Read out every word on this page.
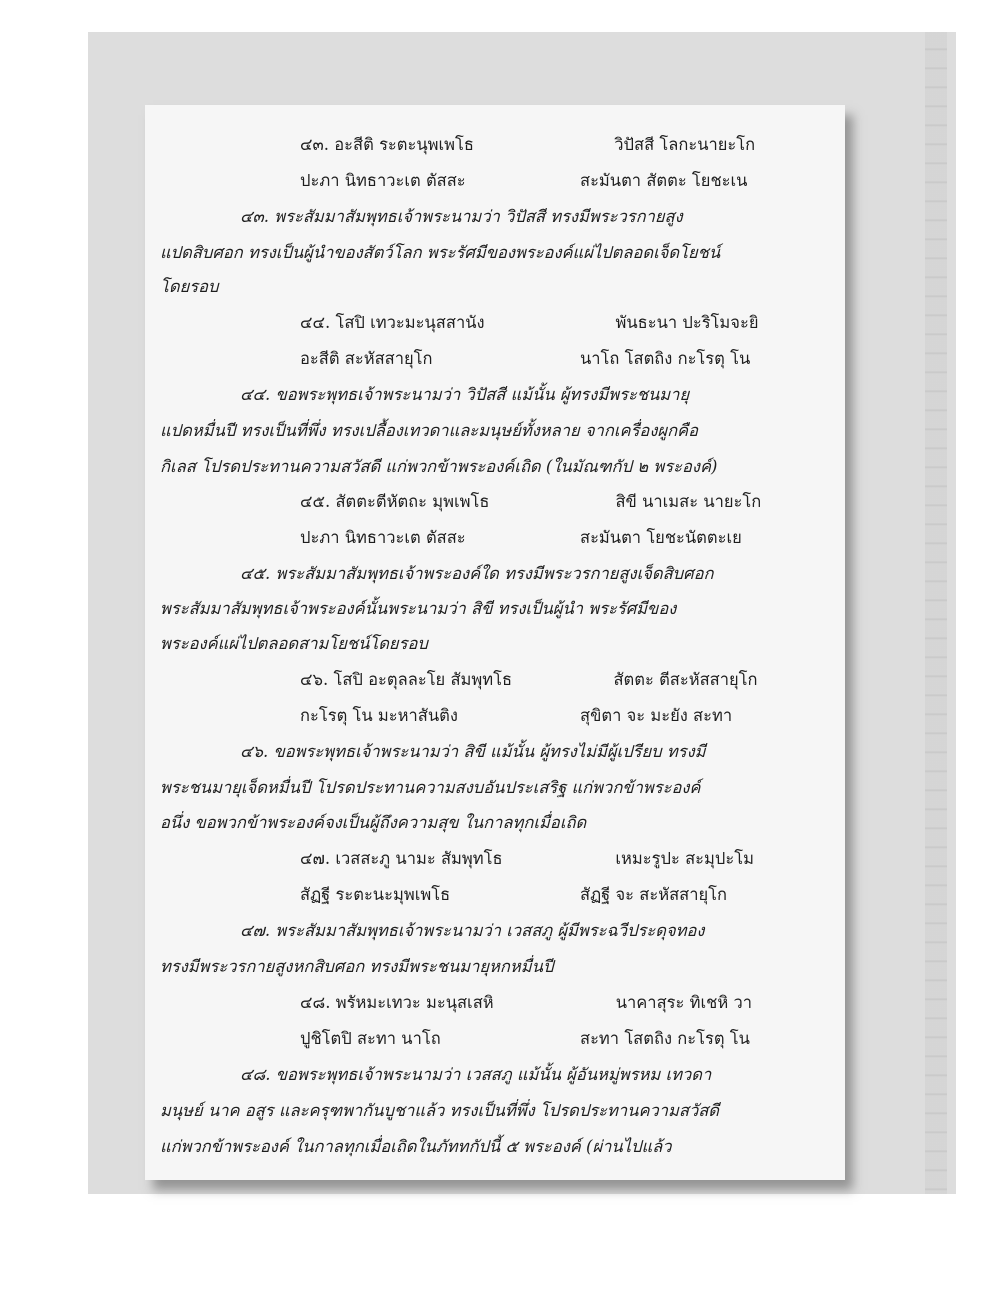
๔๓. อะสีติ ระตะนุพเพโธ	วิปัสสี โลกะนายะโก

ปะภา นิทธาวะเต ตัสสะ	สะมันตา สัตตะ โยชะเน

๔๓. พระสัมมาสัมพุทธเจ้าพระนามว่า วิปัสสี ทรงมีพระวรกายสูง

แปดสิบศอก ทรงเป็นผู้นำของสัตว์โลก พระรัศมีของพระองค์แผ่ไปตลอดเจ็ดโยชน์

โดยรอบ

๔๔. โสปิ เทวะมะนุสสานัง	พันธะนา ปะริโมจะยิ

อะสีติ สะหัสสายุโก	นาโถ โสตถิง กะโรตุ โน

๔๔. ขอพระพุทธเจ้าพระนามว่า วิปัสสี แม้นั้น ผู้ทรงมีพระชนมายุ

แปดหมื่นปี ทรงเป็นที่พึ่ง ทรงเปลื้องเทวดาและมนุษย์ทั้งหลาย จากเครื่องผูกคือ

กิเลส โปรดประทานความสวัสดี แก่พวกข้าพระองค์เถิด (ในมัณฑกัป ๒ พระองค์)

๔๕. สัตตะตีหัตถะ มุพเพโธ	สิขี นาเมสะ นายะโก

ปะภา นิทธาวะเต ตัสสะ	สะมันตา โยชะนัตตะเย

๔๕. พระสัมมาสัมพุทธเจ้าพระองค์ใด ทรงมีพระวรกายสูงเจ็ดสิบศอก

พระสัมมาสัมพุทธเจ้าพระองค์นั้นพระนามว่า สิขี ทรงเป็นผู้นำ พระรัศมีของ

พระองค์แผ่ไปตลอดสามโยชน์โดยรอบ

๔๖. โสปิ อะตุลละโย สัมพุทโธ	สัตตะ ตีสะหัสสายุโก

กะโรตุ โน มะหาสันติง	สุขิตา จะ มะยัง สะทา

๔๖. ขอพระพุทธเจ้าพระนามว่า สิขี แม้นั้น ผู้ทรงไม่มีผู้เปรียบ ทรงมี

พระชนมายุเจ็ดหมื่นปี โปรดประทานความสงบอันประเสริฐ แก่พวกข้าพระองค์

อนึ่ง ขอพวกข้าพระองค์จงเป็นผู้ถึงความสุข ในกาลทุกเมื่อเถิด

๔๗. เวสสะภู นามะ สัมพุทโธ	เหมะรูปะ สะมุปะโม

สัฏฐี ระตะนะมุพเพโธ	สัฏฐี จะ สะหัสสายุโก

๔๗. พระสัมมาสัมพุทธเจ้าพระนามว่า เวสสภู ผู้มีพระฉวีประดุจทอง

ทรงมีพระวรกายสูงหกสิบศอก ทรงมีพระชนมายุหกหมื่นปี

๔๘. พรัหมะเทวะ มะนุสเสหิ	นาคาสุระ ทิเชหิ วา

ปูชิโตปิ สะทา นาโถ	สะทา โสตถิง กะโรตุ โน

๔๘. ขอพระพุทธเจ้าพระนามว่า เวสสภู แม้นั้น ผู้อันหมู่พรหม เทวดา

มนุษย์ นาค อสูร และครุฑพากันบูชาแล้ว ทรงเป็นที่พึ่ง โปรดประทานความสวัสดี

แก่พวกข้าพระองค์ ในกาลทุกเมื่อเถิดในภัททกัปนี้ ๕ พระองค์ (ผ่านไปแล้ว
